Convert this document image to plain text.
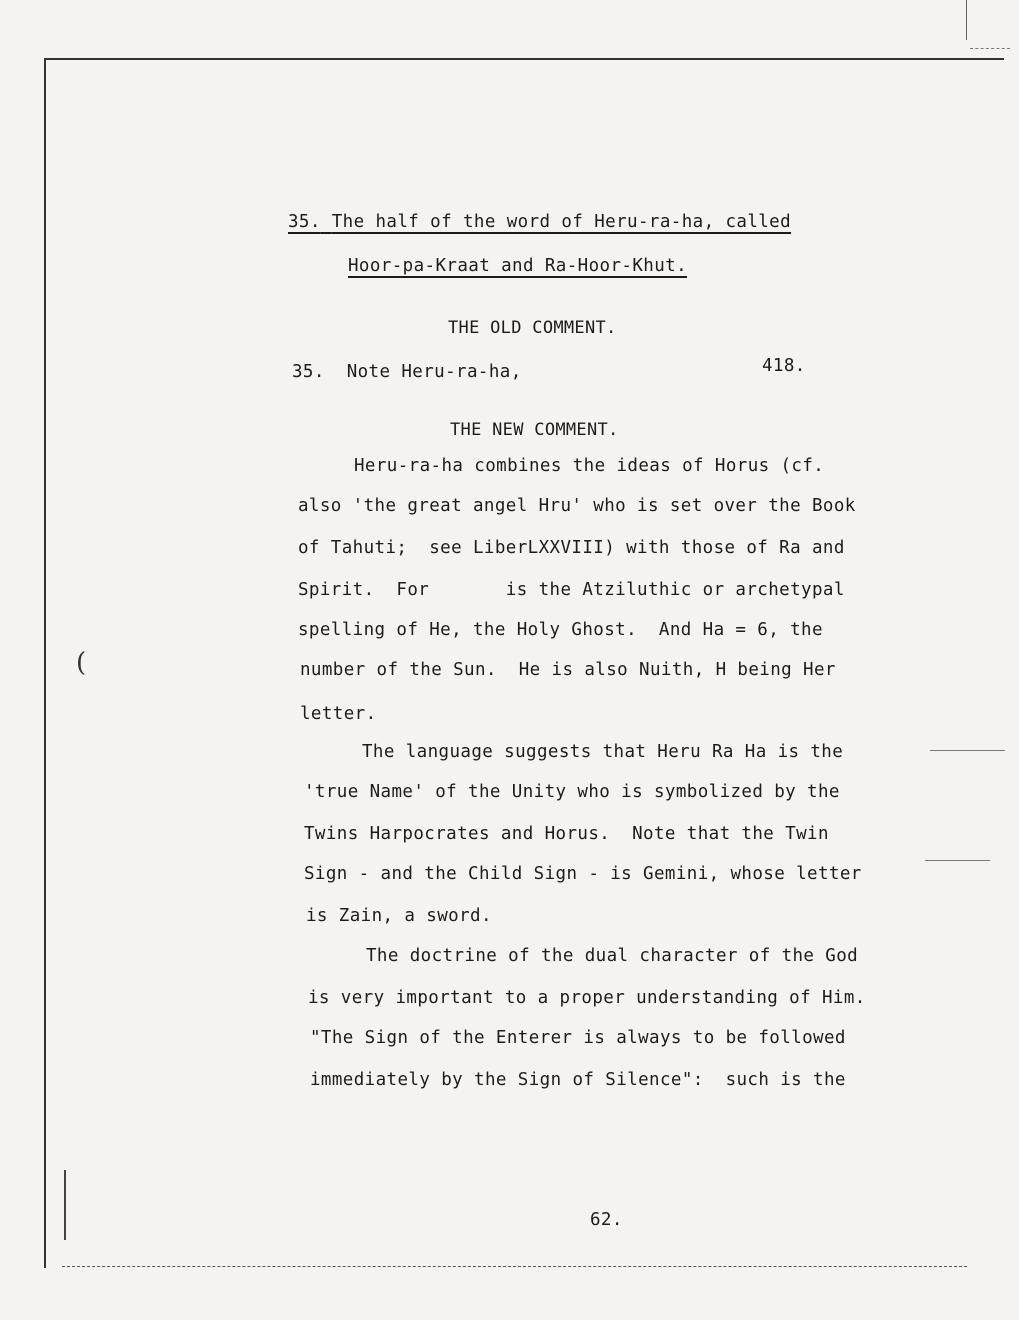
(
35. The half of the word of Heru-ra-ha, called
Hoor-pa-Kraat and Ra-Hoor-Khut.
THE OLD COMMENT.
35. Note Heru-ra-ha,	418.
THE NEW COMMENT.
Heru-ra-ha combines the ideas of Horus (cf.
also 'the great angel Hru' who is set over the Book
of Tahuti;  see LiberLXXVIII) with those of Ra and
Spirit.  For       is the Atziluthic or archetypal
spelling of He, the Holy Ghost.  And Ha = 6, the
number of the Sun.  He is also Nuith, H being Her
letter.
The language suggests that Heru Ra Ha is the
'true Name' of the Unity who is symbolized by the
Twins Harpocrates and Horus.  Note that the Twin
Sign - and the Child Sign - is Gemini, whose letter
is Zain, a sword.
The doctrine of the dual character of the God
is very important to a proper understanding of Him.
"The Sign of the Enterer is always to be followed
immediately by the Sign of Silence":  such is the
62.
